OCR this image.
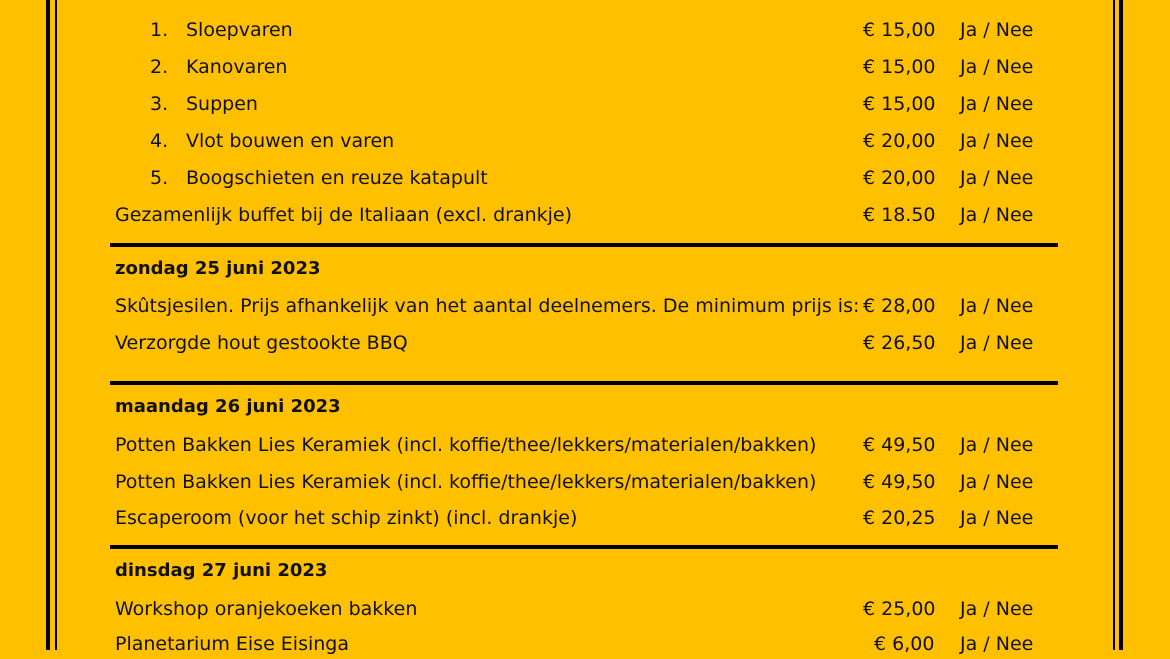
1. Sloepvaren	€ 15,00 Ja / Nee
2. Kanovaren	€ 15,00 Ja / Nee
3. Suppen	€ 15,00 Ja / Nee
4. Vlot bouwen en varen	€ 20,00 Ja / Nee
5. Boogschieten en reuze katapult	€ 20,00 Ja / Nee
Gezamenlijk buffet bij de Italiaan (excl. drankje)	€ 18.50 Ja / Nee
zondag 25 juni 2023
Skûtsjesilen. Prijs afhankelijk van het aantal deelnemers. De minimum prijs is: € 28,00 Ja / Nee
Verzorgde hout gestookte BBQ	€ 26,50 Ja / Nee
maandag 26 juni 2023
Potten Bakken Lies Keramiek (incl. koffie/thee/lekkers/materialen/bakken) € 49,50 Ja / Nee
Potten Bakken Lies Keramiek (incl. koffie/thee/lekkers/materialen/bakken) € 49,50 Ja / Nee
Escaperoom (voor het schip zinkt) (incl. drankje)	€ 20,25 Ja / Nee
dinsdag 27 juni 2023
Workshop oranjekoeken bakken	€ 25,00 Ja / Nee
Planetarium Eise Eisinga	€ 6,00 Ja / Nee
